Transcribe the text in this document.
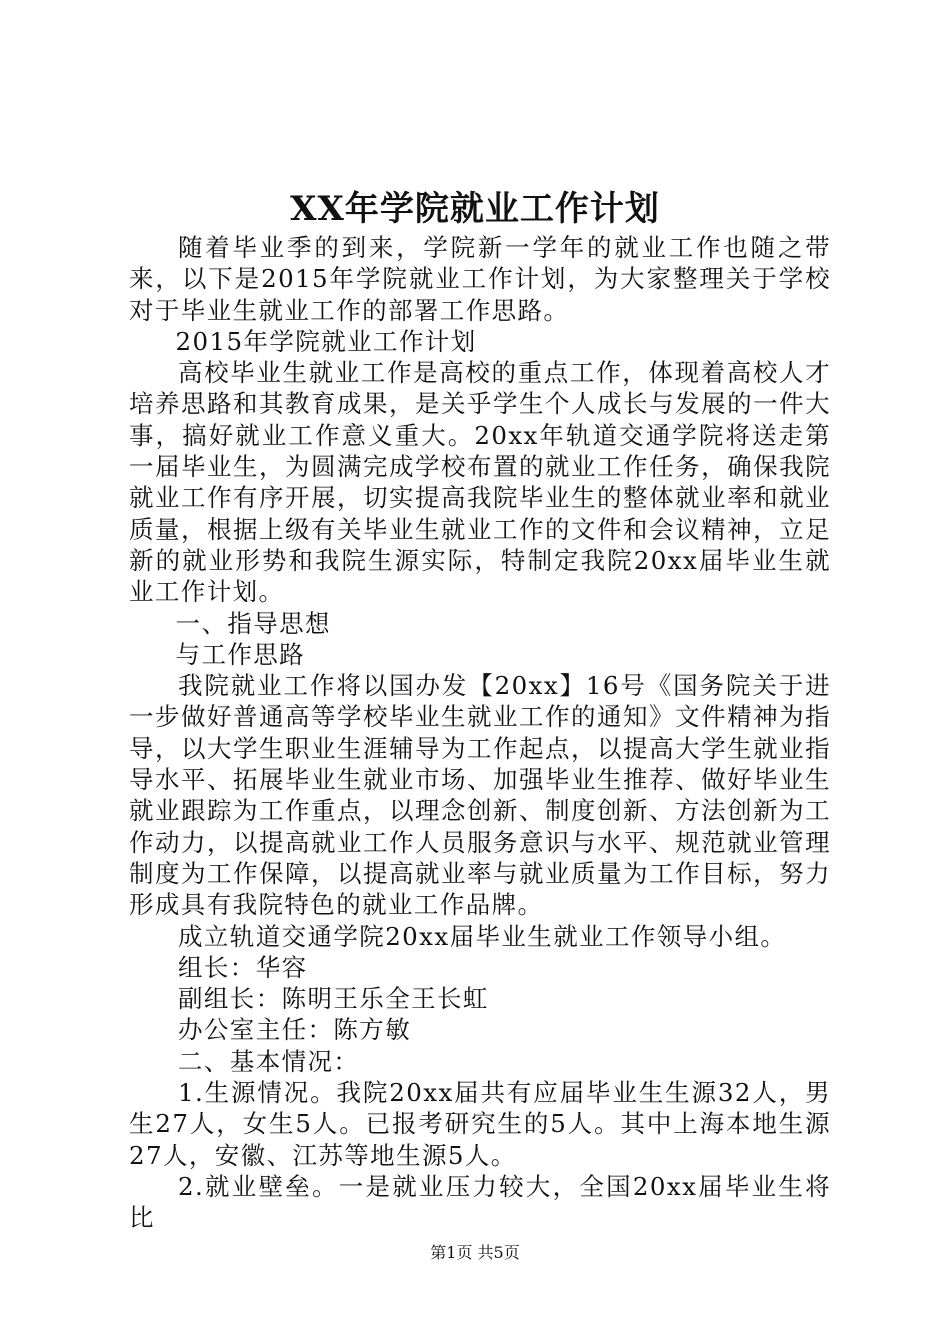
XX年学院就业工作计划

随着毕业季的到来，学院新一学年的就业工作也随之带来，以下是2015年学院就业工作计划，为大家整理关于学校对于毕业生就业工作的部署工作思路。

2015年学院就业工作计划

高校毕业生就业工作是高校的重点工作，体现着高校人才培养思路和其教育成果，是关乎学生个人成长与发展的一件大事，搞好就业工作意义重大。20xx年轨道交通学院将送走第一届毕业生，为圆满完成学校布置的就业工作任务，确保我院就业工作有序开展，切实提高我院毕业生的整体就业率和就业质量，根据上级有关毕业生就业工作的文件和会议精神，立足新的就业形势和我院生源实际，特制定我院20xx届毕业生就业工作计划。

一、指导思想

与工作思路

我院就业工作将以国办发【20xx】16号《国务院关于进一步做好普通高等学校毕业生就业工作的通知》文件精神为指导，以大学生职业生涯辅导为工作起点，以提高大学生就业指导水平、拓展毕业生就业市场、加强毕业生推荐、做好毕业生就业跟踪为工作重点，以理念创新、制度创新、方法创新为工作动力，以提高就业工作人员服务意识与水平、规范就业管理制度为工作保障，以提高就业率与就业质量为工作目标，努力形成具有我院特色的就业工作品牌。

成立轨道交通学院20xx届毕业生就业工作领导小组。

组长：华容

副组长：陈明王乐全王长虹

办公室主任：陈方敏

二、基本情况：

1.生源情况。我院20xx届共有应届毕业生生源32人，男生27人，女生5人。已报考研究生的5人。其中上海本地生源27人，安徽、江苏等地生源5人。

2.就业壁垒。一是就业压力较大，全国20xx届毕业生将比

第1页 共5页
